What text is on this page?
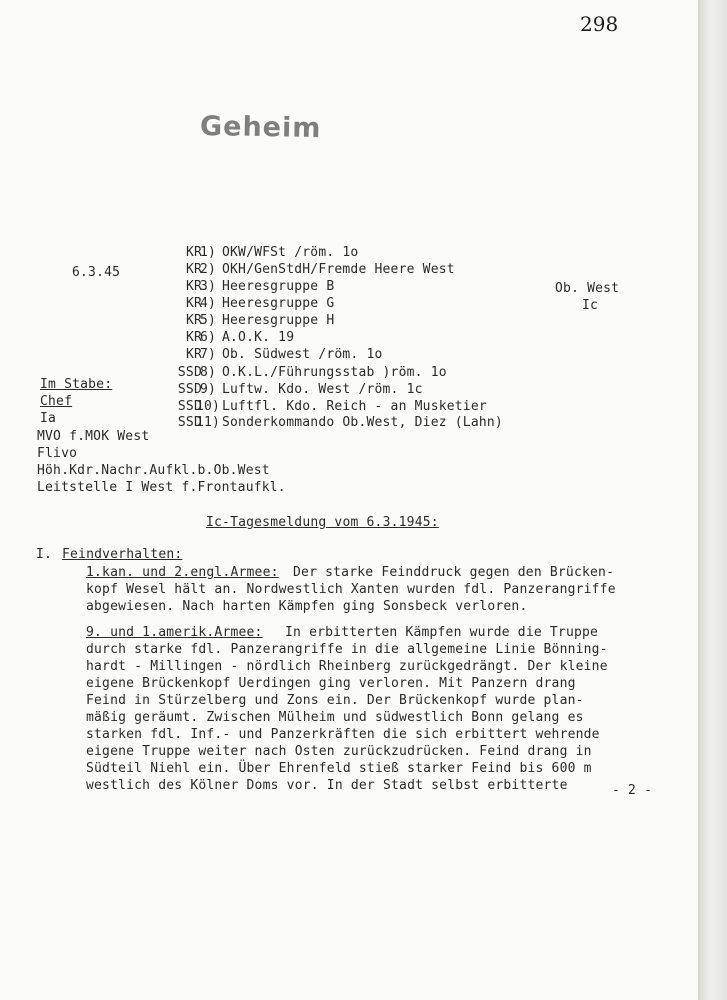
298
Geheim
6.3.45
KR
1) OKW/WFSt /röm. 1o
KR
2) OKH/GenStdH/Fremde Heere West
KR
3) Heeresgruppe B
KR
4) Heeresgruppe G
KR
5) Heeresgruppe H
KR
6) A.O.K. 19
KR
7) Ob. Südwest /röm. 1o
SSD
8) O.K.L./Führungsstab )röm. 1o
SSD
9) Luftw. Kdo. West /röm. 1c
SSD
10) Luftfl. Kdo. Reich - an Musketier
SSD
11) Sonderkommando Ob.West, Diez (Lahn)
Ob. West
Ic
Im Stabe:
Chef
Ia
MVO f.MOK West
Flivo
Höh.Kdr.Nachr.Aufkl.b.Ob.West
Leitstelle I West f.Frontaufkl.
Ic-Tagesmeldung vom 6.3.1945:
I. Feindverhalten:
1.kan. und 2.engl.Armee: Der starke Feinddruck gegen den Brücken-
kopf Wesel hält an. Nordwestlich Xanten wurden fdl. Panzerangriffe
abgewiesen. Nach harten Kämpfen ging Sonsbeck verloren.
9. und 1.amerik.Armee: In erbitterten Kämpfen wurde die Truppe
durch starke fdl. Panzerangriffe in die allgemeine Linie Bönning-
hardt - Millingen - nördlich Rheinberg zurückgedrängt. Der kleine
eigene Brückenkopf Uerdingen ging verloren. Mit Panzern drang
Feind in Stürzelberg und Zons ein. Der Brückenkopf wurde plan-
mäßig geräumt. Zwischen Mülheim und südwestlich Bonn gelang es
starken fdl. Inf.- und Panzerkräften die sich erbittert wehrende
eigene Truppe weiter nach Osten zurückzudrücken. Feind drang in
Südteil Niehl ein. Über Ehrenfeld stieß starker Feind bis 600 m
westlich des Kölner Doms vor. In der Stadt selbst erbitterte	- 2 -
